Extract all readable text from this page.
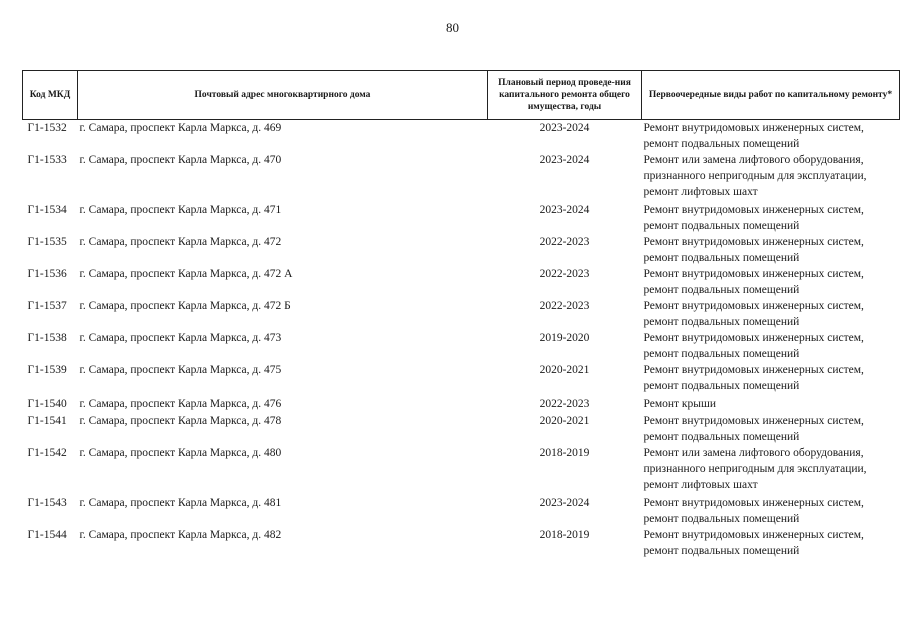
80
Код МКД	Почтовый адрес многоквартирного дома	Плановый период проведе-ния капитального ремонта общего имущества, годы	Первоочередные виды работ по капитальному ремонту*
Г1-1532	г. Самара, проспект Карла Маркса, д. 469	2023-2024	Ремонт внутридомовых инженерных систем,
ремонт подвальных помещений
Г1-1533	г. Самара, проспект Карла Маркса, д. 470	2023-2024	Ремонт или замена лифтового оборудования,
признанного непригодным для эксплуатации,
ремонт лифтовых шахт
Г1-1534	г. Самара, проспект Карла Маркса, д. 471	2023-2024	Ремонт внутридомовых инженерных систем,
ремонт подвальных помещений
Г1-1535	г. Самара, проспект Карла Маркса, д. 472	2022-2023	Ремонт внутридомовых инженерных систем,
ремонт подвальных помещений
Г1-1536	г. Самара, проспект Карла Маркса, д. 472 А	2022-2023	Ремонт внутридомовых инженерных систем,
ремонт подвальных помещений
Г1-1537	г. Самара, проспект Карла Маркса, д. 472 Б	2022-2023	Ремонт внутридомовых инженерных систем,
ремонт подвальных помещений
Г1-1538	г. Самара, проспект Карла Маркса, д. 473	2019-2020	Ремонт внутридомовых инженерных систем,
ремонт подвальных помещений
Г1-1539	г. Самара, проспект Карла Маркса, д. 475	2020-2021	Ремонт внутридомовых инженерных систем,
ремонт подвальных помещений
Г1-1540	г. Самара, проспект Карла Маркса, д. 476	2022-2023	Ремонт крыши
Г1-1541	г. Самара, проспект Карла Маркса, д. 478	2020-2021	Ремонт внутридомовых инженерных систем,
ремонт подвальных помещений
Г1-1542	г. Самара, проспект Карла Маркса, д. 480	2018-2019	Ремонт или замена лифтового оборудования,
признанного непригодным для эксплуатации,
ремонт лифтовых шахт
Г1-1543	г. Самара, проспект Карла Маркса, д. 481	2023-2024	Ремонт внутридомовых инженерных систем,
ремонт подвальных помещений
Г1-1544	г. Самара, проспект Карла Маркса, д. 482	2018-2019	Ремонт внутридомовых инженерных систем,
ремонт подвальных помещений
